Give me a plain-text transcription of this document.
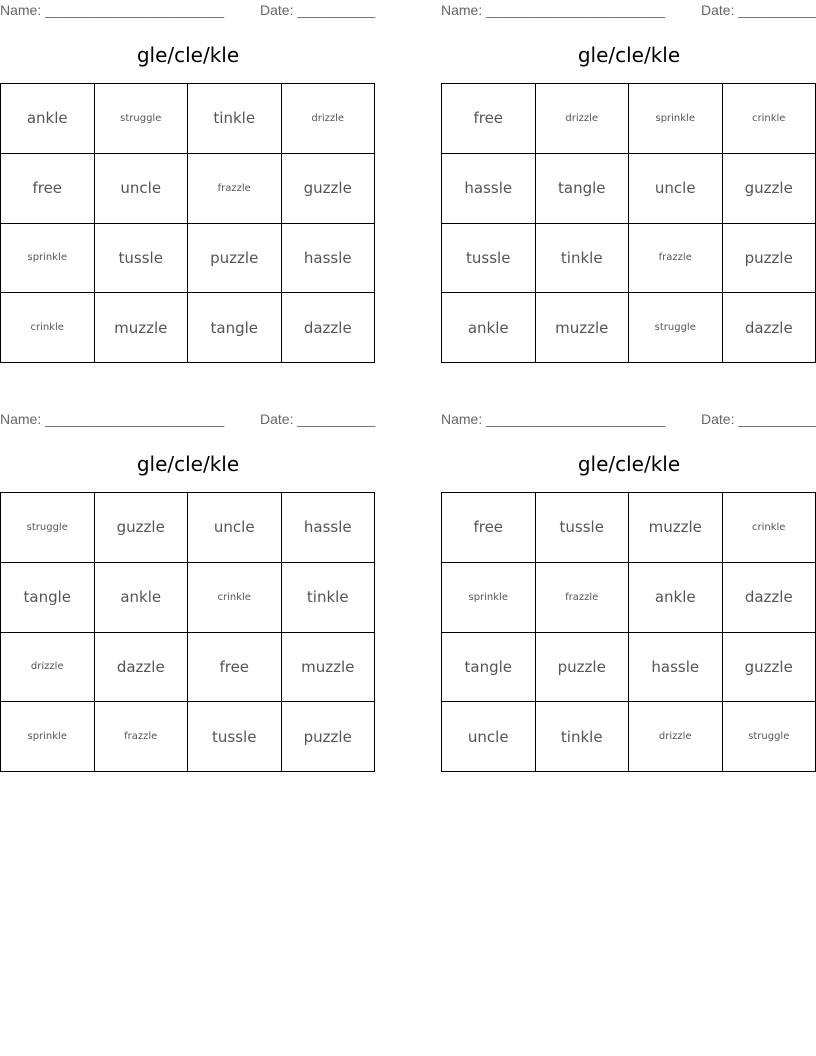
Name: _______________________	Date: __________
gle/cle/kle
ankle	struggle	tinkle	drizzle
free	uncle	frazzle	guzzle
sprinkle	tussle	puzzle	hassle
crinkle	muzzle	tangle	dazzle
Name: _______________________	Date: __________
gle/cle/kle
free	drizzle	sprinkle	crinkle
hassle	tangle	uncle	guzzle
tussle	tinkle	frazzle	puzzle
ankle	muzzle	struggle	dazzle
Name: _______________________	Date: __________
gle/cle/kle
struggle	guzzle	uncle	hassle
tangle	ankle	crinkle	tinkle
drizzle	dazzle	free	muzzle
sprinkle	frazzle	tussle	puzzle
Name: _______________________	Date: __________
gle/cle/kle
free	tussle	muzzle	crinkle
sprinkle	frazzle	ankle	dazzle
tangle	puzzle	hassle	guzzle
uncle	tinkle	drizzle	struggle
